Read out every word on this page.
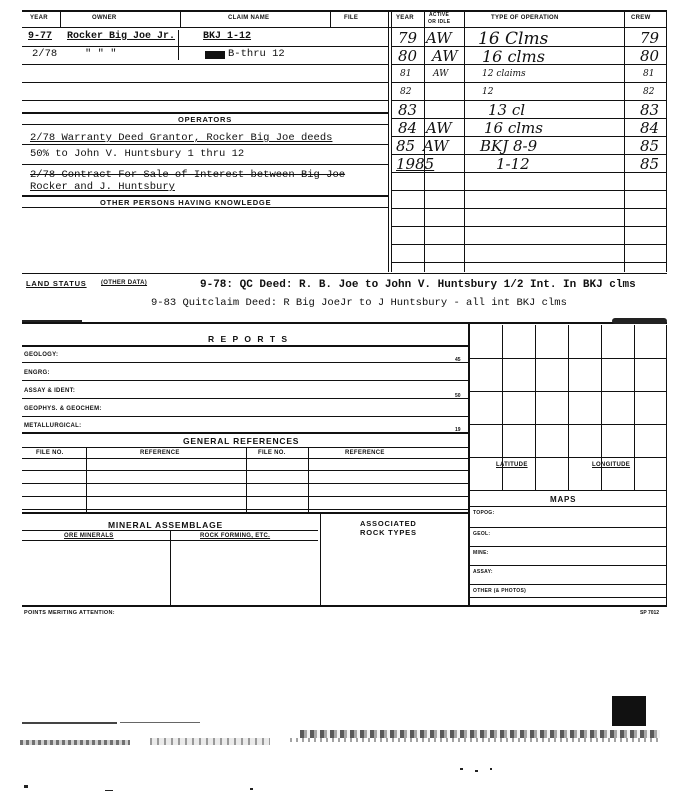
YEAR	OWNER	CLAIM NAME	FILE	YEAR	ACTIVE
OR IDLE
TYPE OF OPERATION	CREW
9-77 Rocker Big Joe Jr.	BKJ 1-12
2/78	" " "	B-thru 12
79 AW 16 Clms	79
80 AW 16 clms	80
81 AW	12 claims	81
82	12	82
83	13 cl	83
84 AW 16 clms	84
85 AW BKJ 8-9	85
1985	1-12	85
OPERATORS
2/78 Warranty Deed Grantor, Rocker Big Joe deeds
50% to John V. Huntsbury 1 thru 12
2/78 Contract For Sale of Interest between Big Joe
Rocker and J. Huntsbury
OTHER PERSONS HAVING KNOWLEDGE
LAND STATUS (OTHER DATA)	9-78: QC Deed: R. B. Joe to John V. Huntsbury 1/2 Int. In BKJ clms
9-83 Quitclaim Deed: R Big JoeJr to J Huntsbury - all int BKJ clms
R E P O R T S
GEOLOGY:
45
ENGRG:
ASSAY & IDENT:
50
GEOPHYS. & GEOCHEM:
METALLURGICAL:
19
GENERAL REFERENCES
FILE NO.	REFERENCE	FILE NO.	REFERENCE
LATITUDE	LONGITUDE
MAPS
TOPOG:
GEOL:
MINE:
ASSAY:
OTHER (& PHOTOS)
MINERAL ASSEMBLAGE
ORE MINERALS	ROCK FORMING, ETC.
ASSOCIATED
ROCK TYPES
POINTS MERITING ATTENTION:	SP 7012
